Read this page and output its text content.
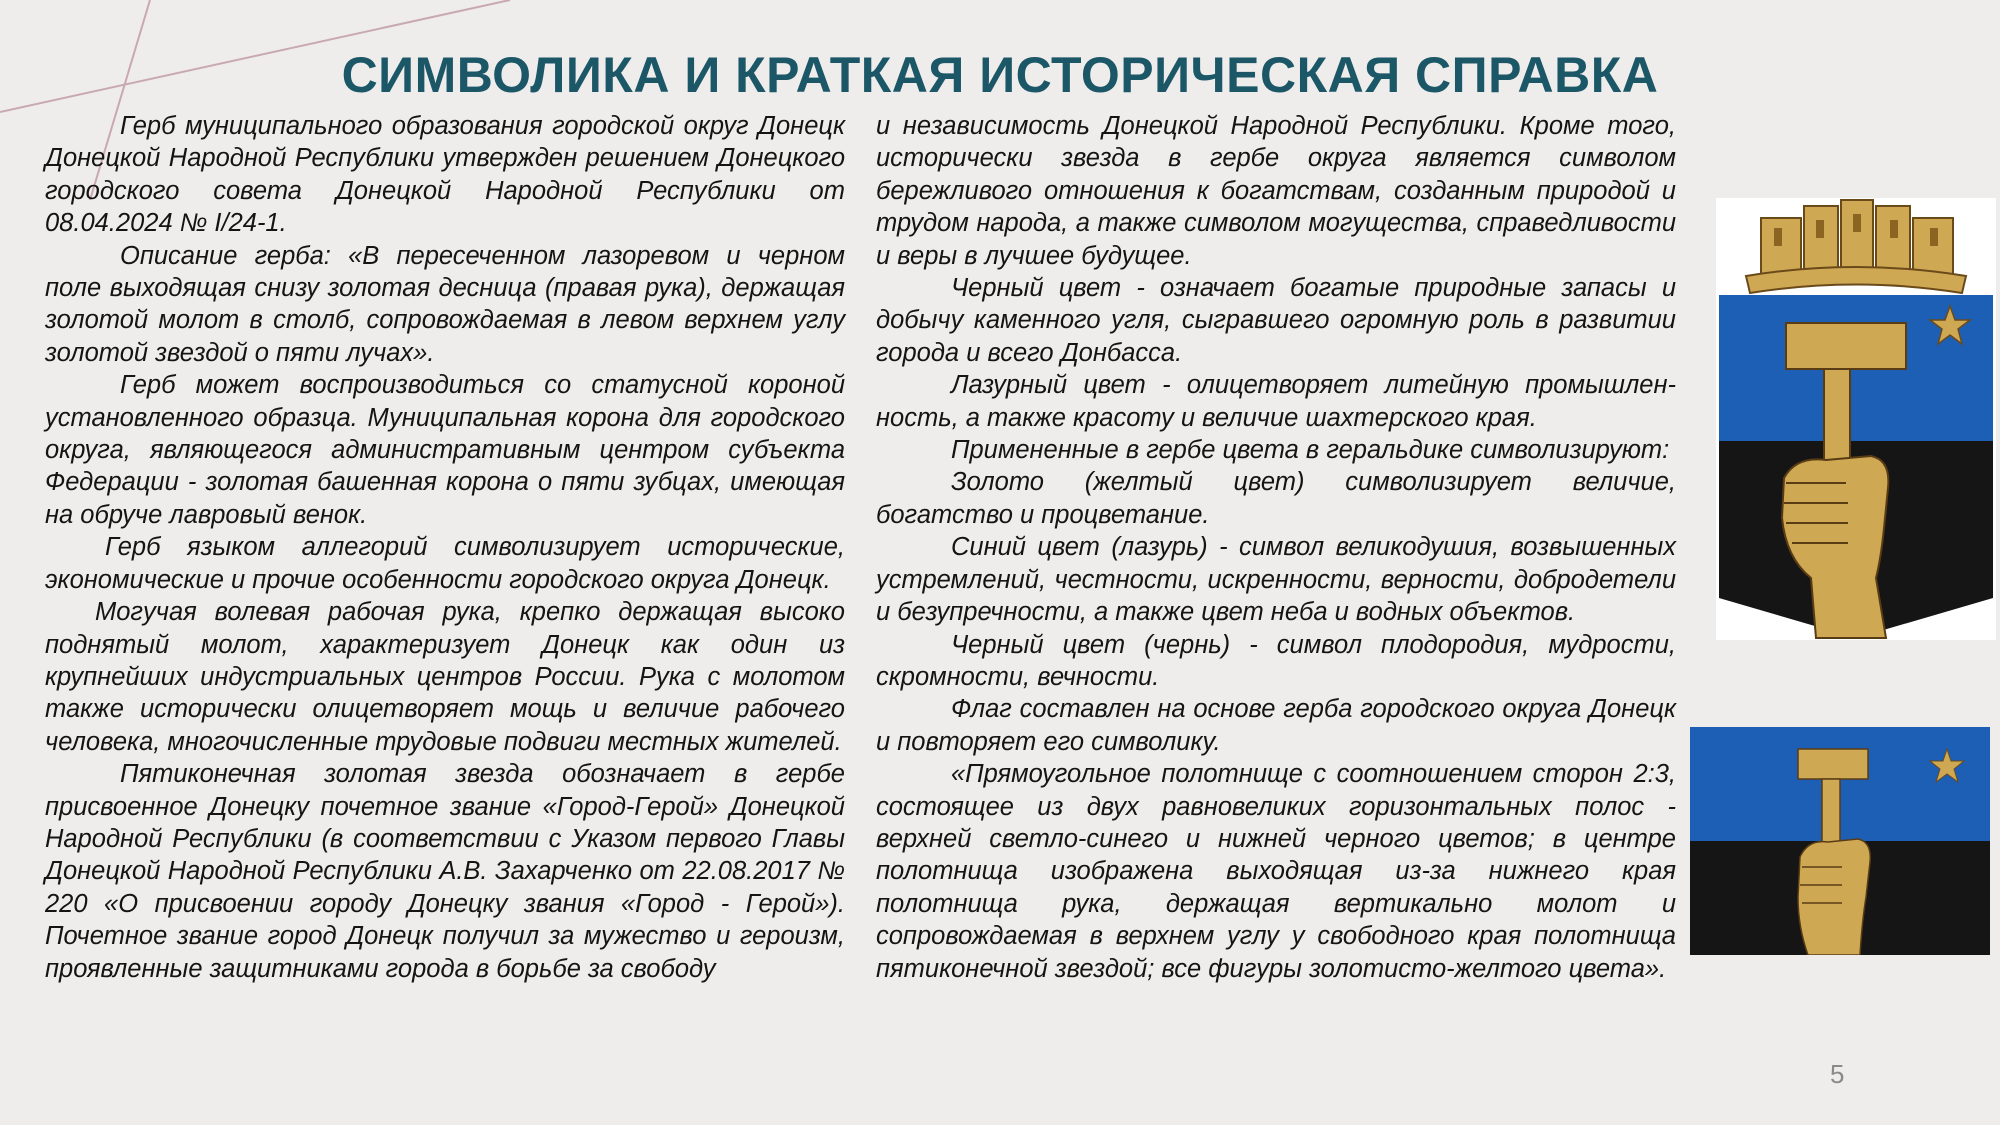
СИМВОЛИКА И КРАТКАЯ ИСТОРИЧЕСКАЯ СПРАВКА

Герб муниципального образования городской округ Донецк Донецкой Народной Республики утвержден решением Донецкого городского совета Донецкой Народной Республики от 08.04.2024 № I/24-1.

Описание герба: «В пересеченном лазоревом и черном поле выходящая снизу золотая десница (правая рука), держащая золотой молот в столб, сопровождаемая в левом верхнем углу золотой звездой о пяти лучах».

Герб может воспроизводиться со статусной короной установленного образца. Муниципальная корона для городского округа, являющегося административным центром субъекта Федерации - золотая башенная корона о пяти зубцах, имеющая на обруче лавровый венок.

Герб языком аллегорий символизирует исторические, экономические и прочие особенности городского округа Донецк.

Могучая волевая рабочая рука, крепко держащая высоко поднятый молот, характеризует Донецк как один из крупнейших индустриальных центров России. Рука с молотом также исторически олицетворяет мощь и величие рабочего человека, многочисленные трудовые подвиги местных жителей.

Пятиконечная золотая звезда обозначает в гербе присвоенное Донецку почетное звание «Город-Герой» Донецкой Народной Республики (в соответствии с Указом первого Главы Донецкой Народной Республики А.В. Захарченко от 22.08.2017 № 220 «О присвоении городу Донецку звания «Город - Герой»). Почетное звание город Донецк получил за мужество и героизм, проявленные защитниками города в борьбе за свободу

и независимость Донецкой Народной Республики. Кроме того, исторически звезда в гербе округа является символом бережливого отношения к богатствам, созданным природой и трудом народа, а также символом могущества, справедливости и веры в лучшее будущее.

Черный цвет - означает богатые природные запасы и добычу каменного угля, сыгравшего огромную роль в развитии города и всего Донбасса.

Лазурный цвет - олицетворяет литейную промышлен-ность, а также красоту и величие шахтерского края.

Примененные в гербе цвета в геральдике символизируют:

Золото (желтый цвет) символизирует величие, богатство и процветание.

Синий цвет (лазурь) - символ великодушия, возвышенных устремлений, честности, искренности, верности, добродетели и безупречности, а также цвет неба и водных объектов.

Черный цвет (чернь) - символ плодородия, мудрости, скромности, вечности.

Флаг составлен на основе герба городского округа Донецк и повторяет его символику.

«Прямоугольное полотнище с соотношением сторон 2:3, состоящее из двух равновеликих горизонтальных полос - верхней светло-синего и нижней черного цветов; в центре полотнища изображена выходящая из-за нижнего края полотнища рука, держащая вертикально молот и сопровождаемая в верхнем углу у свободного края полотнища пятиконечной звездой; все фигуры золотисто-желтого цвета».

5
